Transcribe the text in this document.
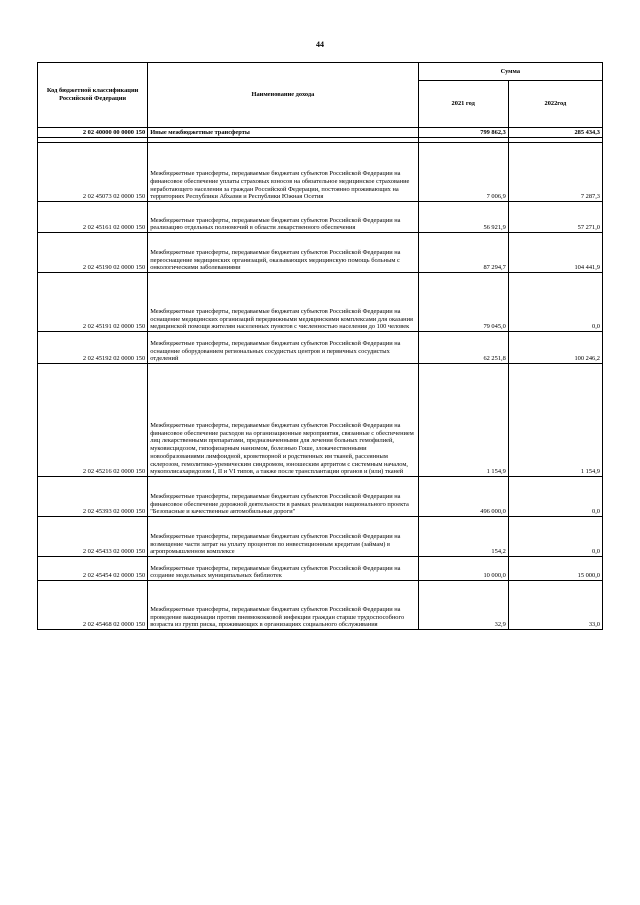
44
Код бюджетной классификации Российской Федерации	Наименование дохода	Сумма	
		2021 год	2022год
2 02 40000 00 0000 150	Иные межбюджетные трансферты	799 862,3	285 434,3

2 02 45073 02 0000 150	Межбюджетные трансферты, передаваемые бюджетам субъектов Российской Федерации на финансовое обеспечение уплаты страховых взносов на обязательное медицинское страхование неработающего населения за граждан Российской Федерации, постоянно проживающих на территориях Республики Абхазия и Республики Южная Осетия	7 006,9	7 287,3
2 02 45161 02 0000 150	Межбюджетные трансферты, передаваемые бюджетам субъектов Российской Федерации на реализацию отдельных полномочий в области лекарственного обеспечения	56 921,9	57 271,0
2 02 45190 02 0000 150	Межбюджетные трансферты, передаваемые бюджетам субъектов Российской Федерации на переоснащение медицинских организаций, оказывающих медицинскую помощь больным с онкологическими заболеваниями	87 294,7	104 441,9
2 02 45191 02 0000 150	Межбюджетные трансферты, передаваемые бюджетам субъектов Российской Федерации на оснащение медицинских организаций передвижными медицинскими комплексами для оказания медицинской помощи жителям населенных пунктов с численностью населения до 100 человек	79 045,0	0,0
2 02 45192 02 0000 150	Межбюджетные трансферты, передаваемые бюджетам субъектов Российской Федерации на оснащение оборудованием региональных сосудистых центров и первичных сосудистых отделений	62 251,8	100 246,2
2 02 45216 02 0000 150	Межбюджетные трансферты, передаваемые бюджетам субъектов Российской Федерации на финансовое обеспечение расходов на организационные мероприятия, связанные с обеспечением лиц лекарственными препаратами, предназначенными для лечения больных гемофилией, муковисцидозом, гипофизарным нанизмом, болезнью Гоше, злокачественными новообразованиями лимфоидной, кроветворной и родственных им тканей, рассеянным склерозом, гемолитико-уремическим синдромом, юношеским артритом с системным началом, мукополисахаридозом I, II и VI типов, а также после трансплантации органов и (или) тканей	1 154,9	1 154,9
2 02 45393 02 0000 150	Межбюджетные трансферты, передаваемые бюджетам субъектов Российской Федерации на финансовое обеспечение дорожной деятельности в рамках реализации национального проекта "Безопасные и качественные автомобильные дороги"	496 000,0	0,0
2 02 45433 02 0000 150	Межбюджетные трансферты, передаваемые бюджетам субъектов Российской Федерации на возмещение части затрат на уплату процентов по инвестиционным кредитам (займам) в агропромышленном комплексе	154,2	0,0
2 02 45454 02 0000 150	Межбюджетные трансферты, передаваемые бюджетам субъектов Российской Федерации на создание модельных муниципальных библиотек	10 000,0	15 000,0
2 02 45468 02 0000 150	Межбюджетные трансферты, передаваемые бюджетам субъектов Российской Федерации на проведение вакцинации против пневмококковой инфекции граждан старше трудоспособного возраста из групп риска, проживающих в организациях социального обслуживания	32,9	33,0
